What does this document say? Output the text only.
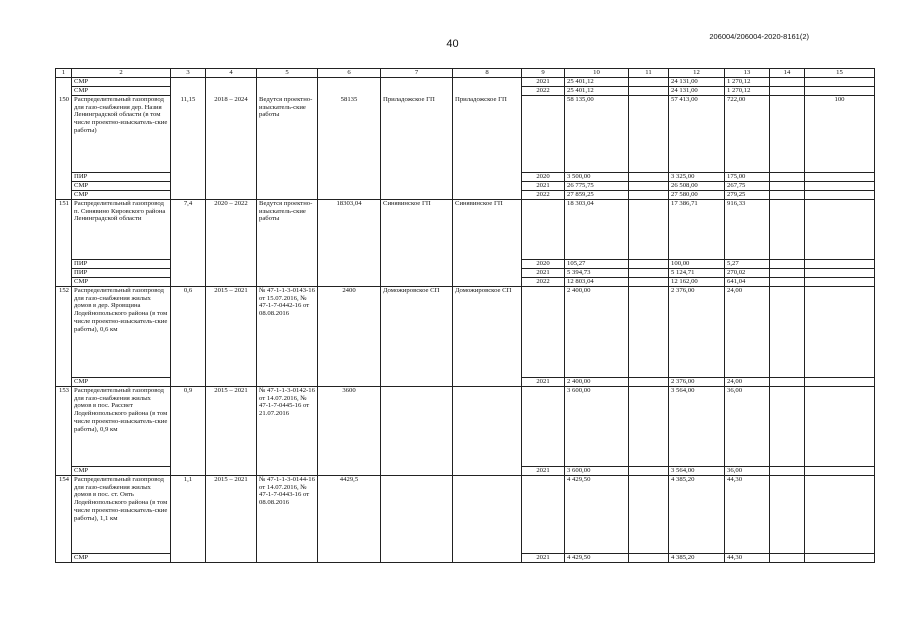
206004/206004-2020-8161(2)
40
1	2	3	4	5	6	7	8	9	10	11	12	13	14	15
	СМР							2021	25 401,12		24 131,00	1 270,12		
	СМР							2022	25 401,12		24 131,00	1 270,12		
150	Распределительный газопровод для газо-снабжения дер. Назия Ленинградской области (в том числе проектно-изыскатель-ские работы)	11,15	2018 – 2024	Ведутся проектно-изыскатель-ские работы	58135	Приладожское ГП	Приладожское ГП		58 135,00		57 413,00	722,00		100
	ПИР							2020	3 500,00		3 325,00	175,00		
	СМР							2021	26 775,75		26 508,00	267,75		
	СМР							2022	27 859,25		27 580,00	279,25		
151	Распределительный газопровод п. Синявино Кировского района Ленинградской области	7,4	2020 – 2022	Ведутся проектно-изыскатель-ские работы	18303,04	Синявинское ГП	Синявинское ГП		18 303,04		17 386,71	916,33		
	ПИР							2020	105,27		100,00	5,27		
	ПИР							2021	5 394,73		5 124,71	270,02		
	СМР							2022	12 803,04		12 162,00	641,04		
152	Распределительный газопровод для газо-снабжения жилых домов в дер. Яровщина Лодейнопольского района (в том числе проектно-изыскатель-ские работы), 0,6 км	0,6	2015 – 2021	№ 47-1-1-3-0143-16 от 15.07.2016, № 47-1-7-0442-16 от 08.08.2016	2400	Доможировское СП	Доможировское СП		2 400,00		2 376,00	24,00		
	СМР							2021	2 400,00		2 376,00	24,00		
153	Распределительный газопровод для газо-снабжения жилых домов в пос. Рассвет Лодейнопольского района (в том числе проектно-изыскатель-ские работы), 0,9 км	0,9	2015 – 2021	№ 47-1-1-3-0142-16 от 14.07.2016, № 47-1-7-0445-16 от 21.07.2016	3600				3 600,00		3 564,00	36,00		
	СМР							2021	3 600,00		3 564,00	36,00		
154	Распределительный газопровод для газо-снабжения жилых домов в пос. ст. Оять Лодейнопольского района (в том числе проектно-изыскатель-ские работы), 1,1 км	1,1	2015 – 2021	№ 47-1-1-3-0144-16 от 14.07.2016, № 47-1-7-0443-16 от 08.08.2016	4429,5				4 429,50		4 385,20	44,30		
	СМР							2021	4 429,50		4 385,20	44,30		
